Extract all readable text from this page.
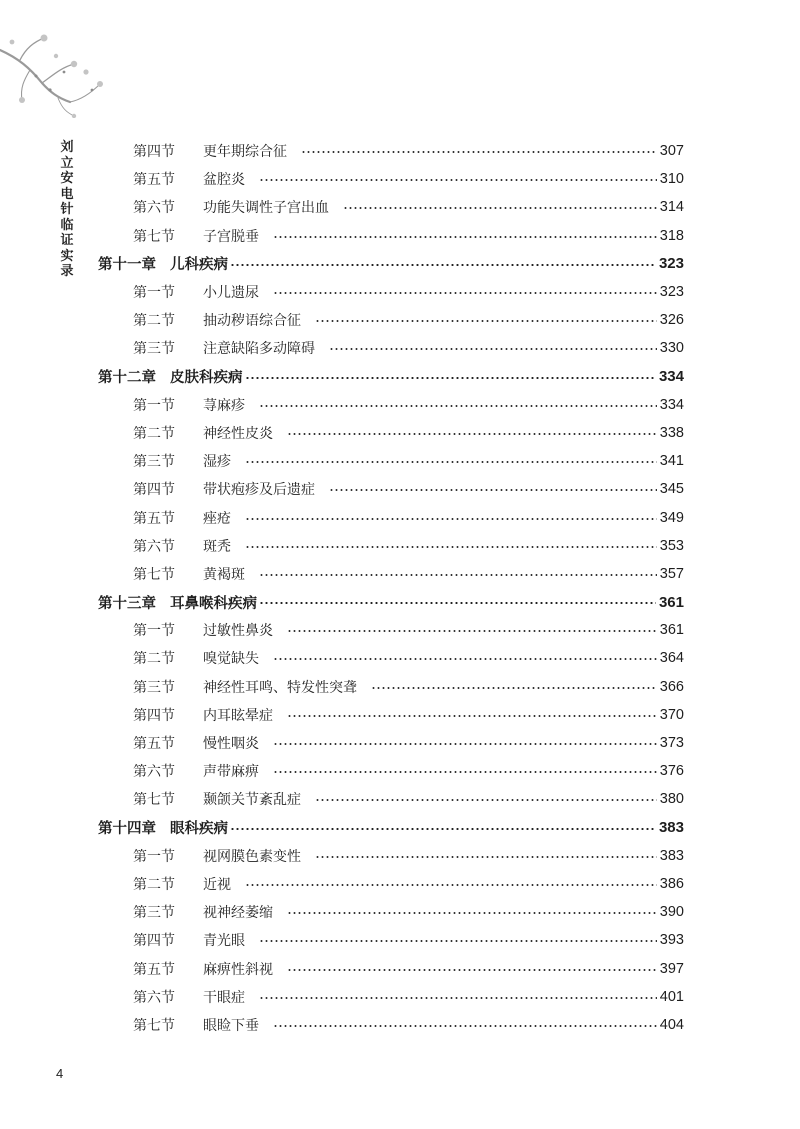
刘立安电针临证实录
第四节	更年期综合征	307
第五节	盆腔炎	310
第六节	功能失调性子宫出血	314
第七节	子宫脱垂	318
第十一章 儿科疾病	323
第一节	小儿遗尿	323
第二节	抽动秽语综合征	326
第三节	注意缺陷多动障碍	330
第十二章 皮肤科疾病	334
第一节	荨麻疹	334
第二节	神经性皮炎	338
第三节	湿疹	341
第四节	带状疱疹及后遗症	345
第五节	痤疮	349
第六节	斑秃	353
第七节	黄褐斑	357
第十三章 耳鼻喉科疾病	361
第一节	过敏性鼻炎	361
第二节	嗅觉缺失	364
第三节	神经性耳鸣、特发性突聋	366
第四节	内耳眩晕症	370
第五节	慢性咽炎	373
第六节	声带麻痹	376
第七节	颞颌关节紊乱症	380
第十四章 眼科疾病	383
第一节	视网膜色素变性	383
第二节	近视	386
第三节	视神经萎缩	390
第四节	青光眼	393
第五节	麻痹性斜视	397
第六节	干眼症	401
第七节	眼睑下垂	404
4
